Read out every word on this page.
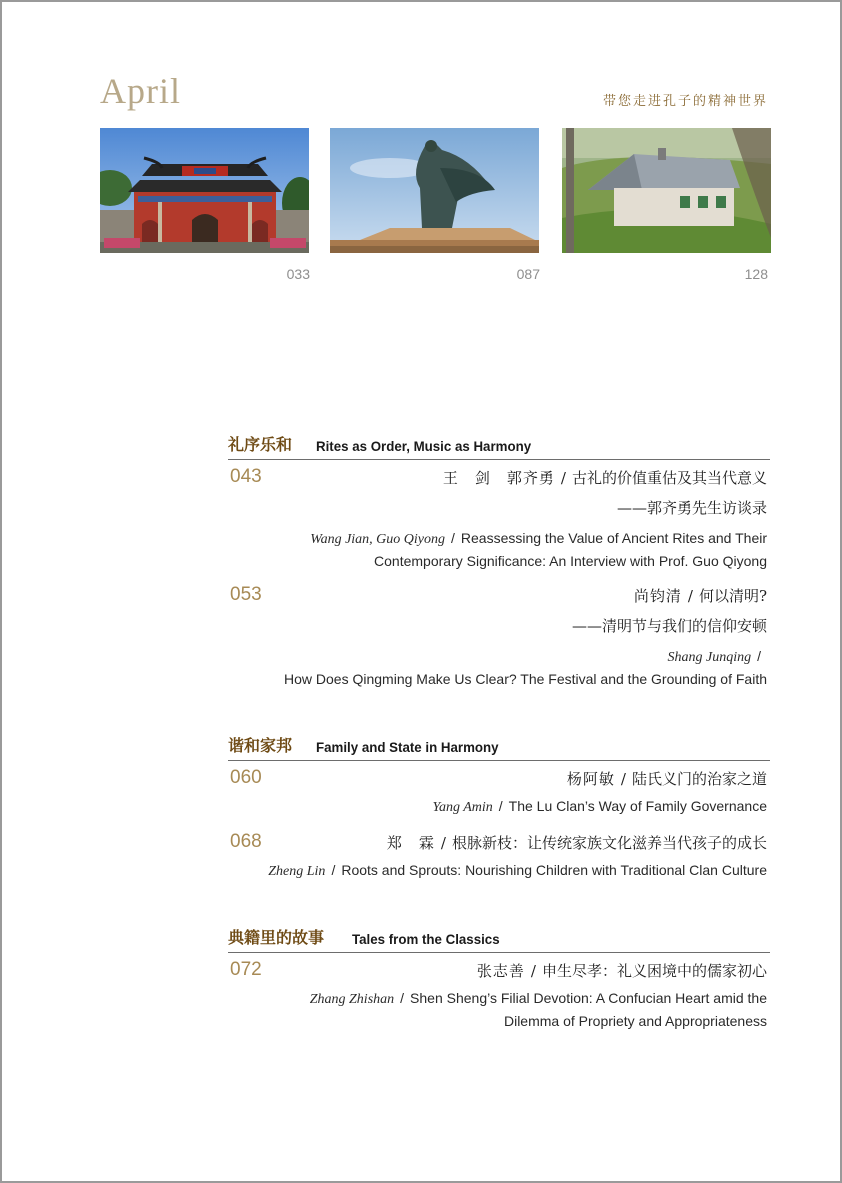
April	带您走进孔子的精神世界
033	087	128
礼序乐和 Rites as Order, Music as Harmony
043	王　剑　郭齐勇 / 古礼的价值重估及其当代意义
——郭齐勇先生访谈录
Wang Jian, Guo Qiyong / Reassessing the Value of Ancient Rites and Their
Contemporary Significance: An Interview with Prof. Guo Qiyong
053	尚钧清 / 何以清明?
——清明节与我们的信仰安顿
Shang Junqing /
How Does Qingming Make Us Clear? The Festival and the Grounding of Faith
谐和家邦 Family and State in Harmony
060	杨阿敏 / 陆氏义门的治家之道
Yang Amin / The Lu Clan’s Way of Family Governance
068	郑　霖 / 根脉新枝：让传统家族文化滋养当代孩子的成长
Zheng Lin / Roots and Sprouts: Nourishing Children with Traditional Clan Culture
典籍里的故事 Tales from the Classics
072	张志善 / 申生尽孝：礼义困境中的儒家初心
Zhang Zhishan / Shen Sheng’s Filial Devotion: A Confucian Heart amid the
Dilemma of Propriety and Appropriateness
